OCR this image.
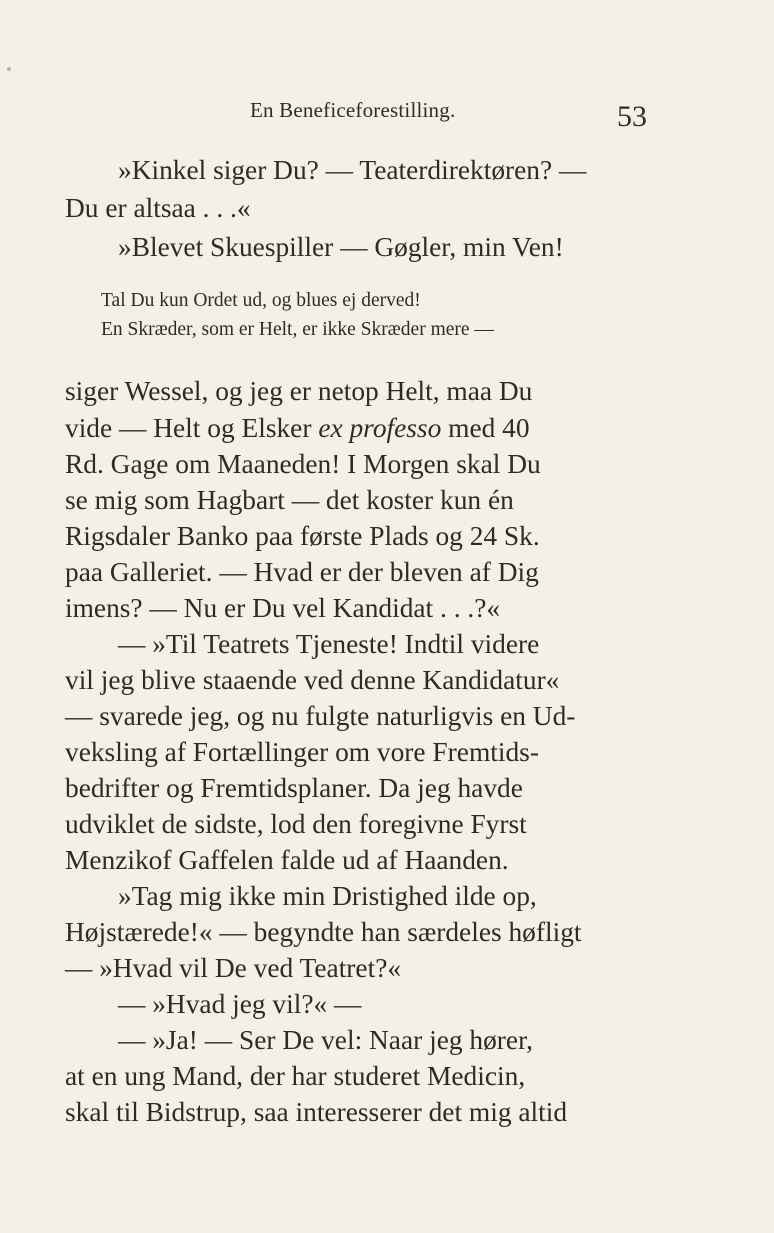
En Beneficeforestilling.	53
»Kinkel siger Du? — Teaterdirektøren? —
Du er altsaa . . .«
»Blevet Skuespiller — Gøgler, min Ven!
Tal Du kun Ordet ud, og blues ej derved!
En Skræder, som er Helt, er ikke Skræder mere —
siger Wessel, og jeg er netop Helt, maa Du
vide — Helt og Elsker ex professo med 40
Rd. Gage om Maaneden! I Morgen skal Du
se mig som Hagbart — det koster kun én
Rigsdaler Banko paa første Plads og 24 Sk.
paa Galleriet. — Hvad er der bleven af Dig
imens? — Nu er Du vel Kandidat . . .?«
— »Til Teatrets Tjeneste! Indtil videre
vil jeg blive staaende ved denne Kandidatur«
— svarede jeg, og nu fulgte naturligvis en Ud-
veksling af Fortællinger om vore Fremtids-
bedrifter og Fremtidsplaner. Da jeg havde
udviklet de sidste, lod den foregivne Fyrst
Menzikof Gaffelen falde ud af Haanden.
»Tag mig ikke min Dristighed ilde op,
Højstærede!« — begyndte han særdeles høfligt
— »Hvad vil De ved Teatret?«
— »Hvad jeg vil?« —
— »Ja! — Ser De vel: Naar jeg hører,
at en ung Mand, der har studeret Medicin,
skal til Bidstrup, saa interesserer det mig altid
